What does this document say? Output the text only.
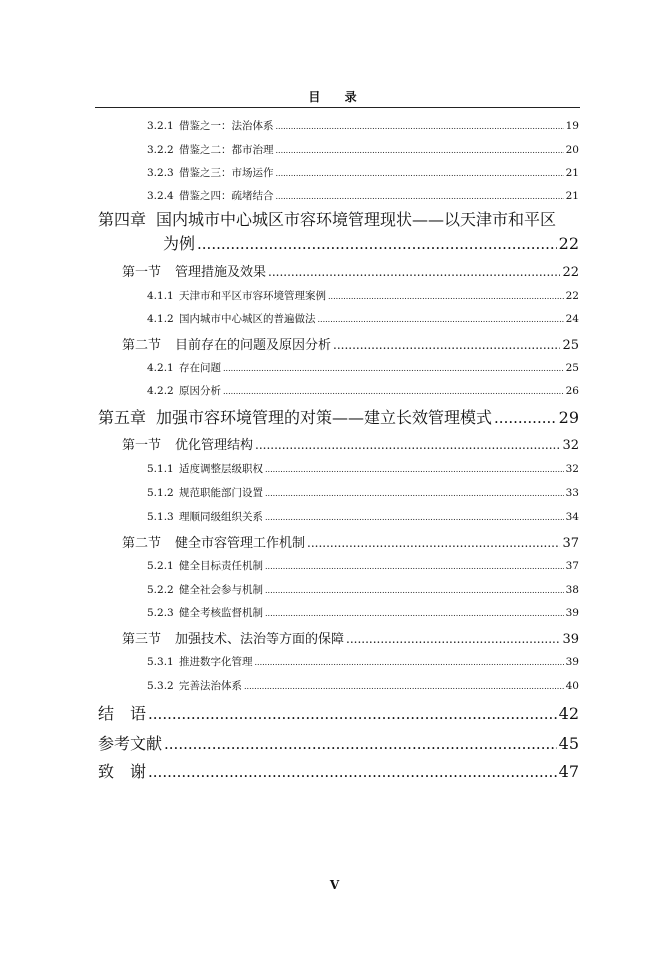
目 录
3.2.1 借鉴之一：法治体系 .....	19
3.2.2 借鉴之二：都市治理 .....	20
3.2.3 借鉴之三：市场运作 .....	21
3.2.4 借鉴之四：疏堵结合 .....	21
第四章 国内城市中心城区市容环境管理现状——以天津市和平区
为例 .....	22
第一节 管理措施及效果 .....	22
4.1.1 天津市和平区市容环境管理案例 .....	22
4.1.2 国内城市中心城区的普遍做法 .....	24
第二节 目前存在的问题及原因分析 .....	25
4.2.1 存在问题 .....	25
4.2.2 原因分析 .....	26
第五章 加强市容环境管理的对策——建立长效管理模式 .....	29
第一节 优化管理结构 .....	32
5.1.1 适度调整层级职权 .....	32
5.1.2 规范职能部门设置 .....	33
5.1.3 理顺同级组织关系 .....	34
第二节 健全市容管理工作机制 .....	37
5.2.1 健全目标责任机制 .....	37
5.2.2 健全社会参与机制 .....	38
5.2.3 健全考核监督机制 .....	39
第三节 加强技术、法治等方面的保障 .....	39
5.3.1 推进数字化管理 .....	39
5.3.2 完善法治体系 .....	40
结　语 .....	42
参考文献 .....	45
致　谢 .....	47
V
